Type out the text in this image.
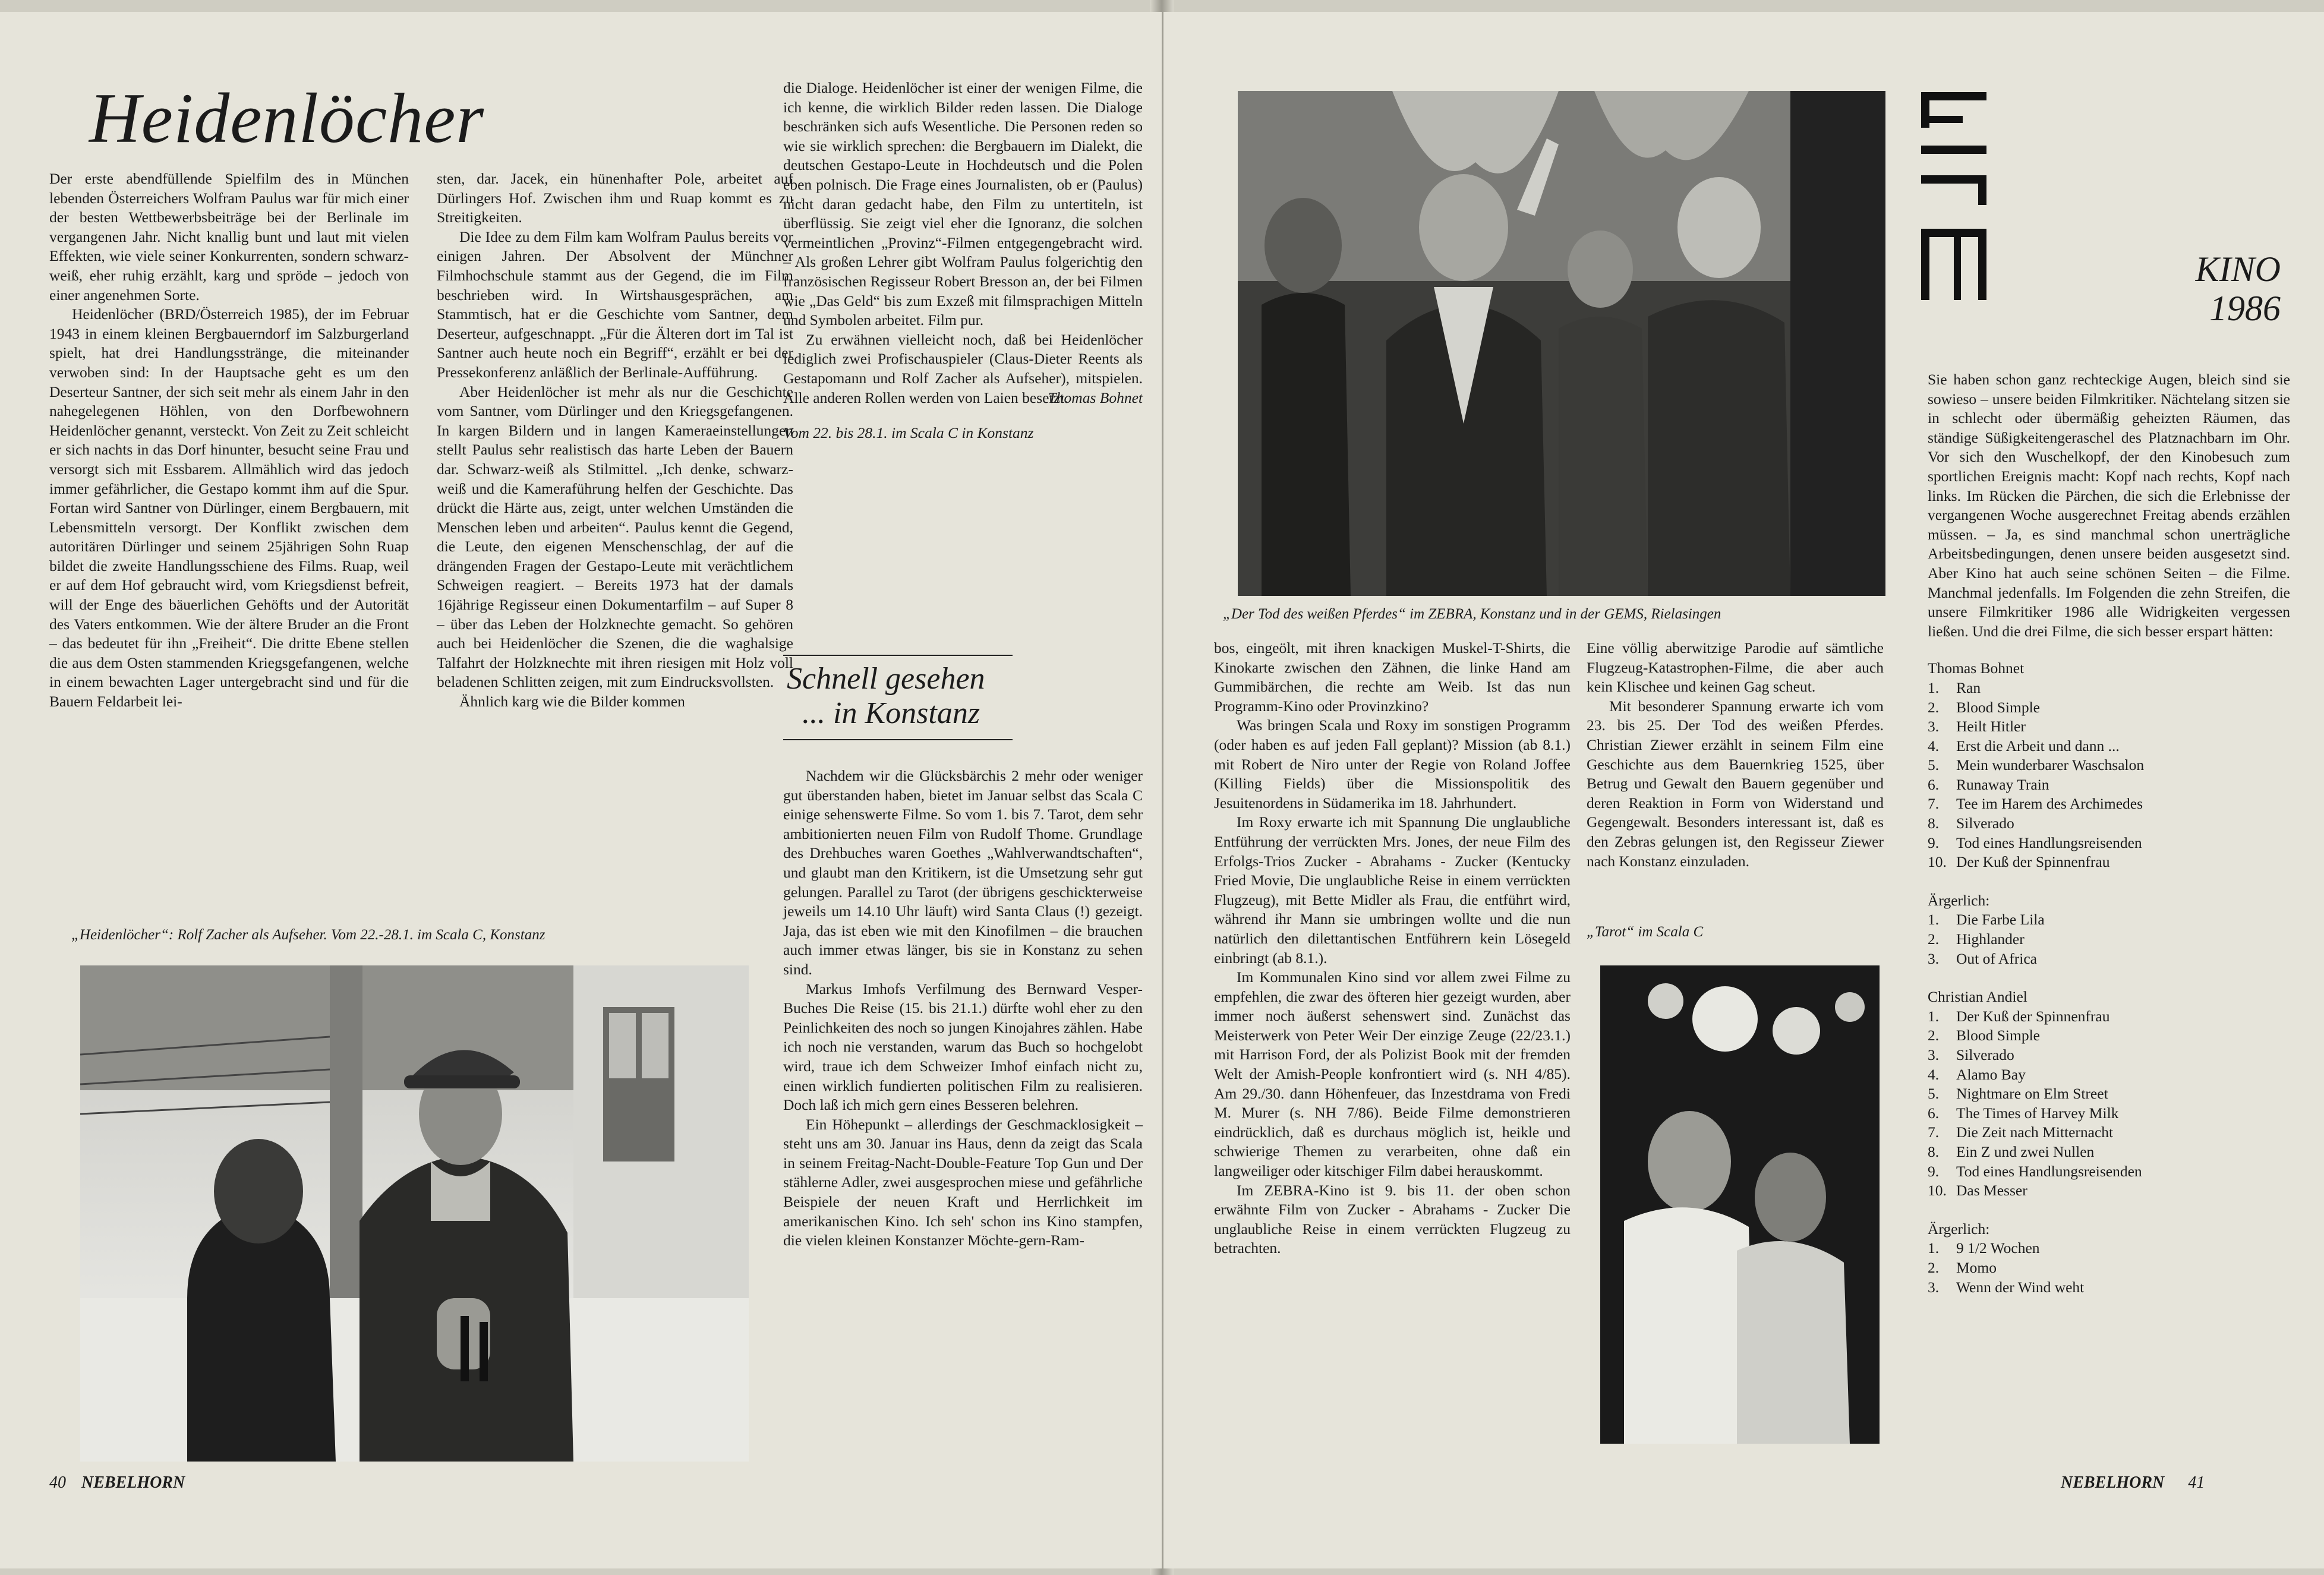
Heidenlöcher

Der erste abendfüllende Spielfilm des in München lebenden Österreichers Wolfram Paulus war für mich einer der besten Wettbewerbsbeiträge bei der Berlinale im vergangenen Jahr. Nicht knallig bunt und laut mit vielen Effekten, wie viele seiner Konkurrenten, sondern schwarz-weiß, eher ruhig erzählt, karg und spröde – jedoch von einer angenehmen Sorte.

Heidenlöcher (BRD/Österreich 1985), der im Februar 1943 in einem kleinen Bergbauerndorf im Salzburgerland spielt, hat drei Handlungsstränge, die miteinander verwoben sind: In der Hauptsache geht es um den Deserteur Santner, der sich seit mehr als einem Jahr in den nahegelegenen Höhlen, von den Dorfbewohnern Heidenlöcher genannt, versteckt. Von Zeit zu Zeit schleicht er sich nachts in das Dorf hinunter, besucht seine Frau und versorgt sich mit Essbarem. Allmählich wird das jedoch immer gefährlicher, die Gestapo kommt ihm auf die Spur. Fortan wird Santner von Dürlinger, einem Bergbauern, mit Lebensmitteln versorgt. Der Konflikt zwischen dem autoritären Dürlinger und seinem 25jährigen Sohn Ruap bildet die zweite Handlungsschiene des Films. Ruap, weil er auf dem Hof gebraucht wird, vom Kriegsdienst befreit, will der Enge des bäuerlichen Gehöfts und der Autorität des Vaters entkommen. Wie der ältere Bruder an die Front – das bedeutet für ihn „Freiheit“. Die dritte Ebene stellen die aus dem Osten stammenden Kriegsgefangenen, welche in einem bewachten Lager untergebracht sind und für die Bauern Feldarbeit lei-

sten, dar. Jacek, ein hünenhafter Pole, arbeitet auf Dürlingers Hof. Zwischen ihm und Ruap kommt es zu Streitigkeiten.

Die Idee zu dem Film kam Wolfram Paulus bereits vor einigen Jahren. Der Absolvent der Münchner Filmhochschule stammt aus der Gegend, die im Film beschrieben wird. In Wirtshausgesprächen, am Stammtisch, hat er die Geschichte vom Santner, dem Deserteur, aufgeschnappt. „Für die Älteren dort im Tal ist Santner auch heute noch ein Begriff“, erzählt er bei der Pressekonferenz anläßlich der Berlinale-Aufführung.

Aber Heidenlöcher ist mehr als nur die Geschichte vom Santner, vom Dürlinger und den Kriegsgefangenen. In kargen Bildern und in langen Kameraeinstellungen stellt Paulus sehr realistisch das harte Leben der Bauern dar. Schwarz-weiß als Stilmittel. „Ich denke, schwarz-weiß und die Kameraführung helfen der Geschichte. Das drückt die Härte aus, zeigt, unter welchen Umständen die Menschen leben und arbeiten“. Paulus kennt die Gegend, die Leute, den eigenen Menschenschlag, der auf die drängenden Fragen der Gestapo-Leute mit verächtlichem Schweigen reagiert. – Bereits 1973 hat der damals 16jährige Regisseur einen Dokumentarfilm – auf Super 8 – über das Leben der Holzknechte gemacht. So gehören auch bei Heidenlöcher die Szenen, die die waghalsige Talfahrt der Holzknechte mit ihren riesigen mit Holz voll beladenen Schlitten zeigen, mit zum Eindrucksvollsten.

Ähnlich karg wie die Bilder kommen

die Dialoge. Heidenlöcher ist einer der wenigen Filme, die ich kenne, die wirklich Bilder reden lassen. Die Dialoge beschränken sich aufs Wesentliche. Die Personen reden so wie sie wirklich sprechen: die Bergbauern im Dialekt, die deutschen Gestapo-Leute in Hochdeutsch und die Polen eben polnisch. Die Frage eines Journalisten, ob er (Paulus) nicht daran gedacht habe, den Film zu untertiteln, ist überflüssig. Sie zeigt viel eher die Ignoranz, die solchen vermeintlichen „Provinz“-Filmen entgegengebracht wird. – Als großen Lehrer gibt Wolfram Paulus folgerichtig den französischen Regisseur Robert Bresson an, der bei Filmen wie „Das Geld“ bis zum Exzeß mit filmsprachigen Mitteln und Symbolen arbeitet. Film pur.

Zu erwähnen vielleicht noch, daß bei Heidenlöcher lediglich zwei Profischauspieler (Claus-Dieter Reents als Gestapomann und Rolf Zacher als Aufseher), mitspielen. Alle anderen Rollen werden von Laien besetzt.

Thomas Bohnet
Vom 22. bis 28.1. im Scala C in Konstanz
Schnell gesehen
... in Konstanz

Nachdem wir die Glücksbärchis 2 mehr oder weniger gut überstanden haben, bietet im Januar selbst das Scala C einige sehenswerte Filme. So vom 1. bis 7. Tarot, dem sehr ambitionierten neuen Film von Rudolf Thome. Grundlage des Drehbuches waren Goethes „Wahlverwandtschaften“, und glaubt man den Kritikern, ist die Umsetzung sehr gut gelungen. Parallel zu Tarot (der übrigens geschickterweise jeweils um 14.10 Uhr läuft) wird Santa Claus (!) gezeigt. Jaja, das ist eben wie mit den Kinofilmen – die brauchen auch immer etwas länger, bis sie in Konstanz zu sehen sind.

Markus Imhofs Verfilmung des Bernward Vesper-Buches Die Reise (15. bis 21.1.) dürfte wohl eher zu den Peinlichkeiten des noch so jungen Kinojahres zählen. Habe ich noch nie verstanden, warum das Buch so hochgelobt wird, traue ich dem Schweizer Imhof einfach nicht zu, einen wirklich fundierten politischen Film zu realisieren. Doch laß ich mich gern eines Besseren belehren.

Ein Höhepunkt – allerdings der Geschmacklosigkeit – steht uns am 30. Januar ins Haus, denn da zeigt das Scala in seinem Freitag-Nacht-Double-Feature Top Gun und Der stählerne Adler, zwei ausgesprochen miese und gefährliche Beispiele der neuen Kraft und Herrlichkeit im amerikanischen Kino. Ich seh' schon ins Kino stampfen, die vielen kleinen Konstanzer Möchte-gern-Ram-

„Heidenlöcher“: Rolf Zacher als Aufseher. Vom 22.-28.1. im Scala C, Konstanz
40 NEBELHORN
KINO
1986

Sie haben schon ganz rechteckige Augen, bleich sind sie sowieso – unsere beiden Filmkritiker. Nächtelang sitzen sie in schlecht oder übermäßig geheizten Räumen, das ständige Süßigkeitengeraschel des Platznachbarn im Ohr. Vor sich den Wuschelkopf, der den Kinobesuch zum sportlichen Ereignis macht: Kopf nach rechts, Kopf nach links. Im Rücken die Pärchen, die sich die Erlebnisse der vergangenen Woche ausgerechnet Freitag abends erzählen müssen. – Ja, es sind manchmal schon unerträgliche Arbeitsbedingungen, denen unsere beiden ausgesetzt sind. Aber Kino hat auch seine schönen Seiten – die Filme. Manchmal jedenfalls. Im Folgenden die zehn Streifen, die unsere Filmkritiker 1986 alle Widrigkeiten vergessen ließen. Und die drei Filme, die sich besser erspart hätten:

Thomas Bohnet
1.	Ran
2.	Blood Simple
3.	Heilt Hitler
4.	Erst die Arbeit und dann ...
5.	Mein wunderbarer Waschsalon
6.	Runaway Train
7.	Tee im Harem des Archimedes
8.	Silverado
9.	Tod eines Handlungsreisenden
10. Der Kuß der Spinnenfrau
Ärgerlich:
1.	Die Farbe Lila
2.	Highlander
3.	Out of Africa
Christian Andiel
1.	Der Kuß der Spinnenfrau
2.	Blood Simple
3.	Silverado
4.	Alamo Bay
5.	Nightmare on Elm Street
6.	The Times of Harvey Milk
7.	Die Zeit nach Mitternacht
8.	Ein Z und zwei Nullen
9.	Tod eines Handlungsreisenden
10. Das Messer
Ärgerlich:
1.	9 1/2 Wochen
2.	Momo
3.	Wenn der Wind weht
„Der Tod des weißen Pferdes“ im ZEBRA, Konstanz und in der GEMS, Rielasingen

bos, eingeölt, mit ihren knackigen Muskel-T-Shirts, die Kinokarte zwischen den Zähnen, die linke Hand am Gummibärchen, die rechte am Weib. Ist das nun Programm-Kino oder Provinzkino?

Was bringen Scala und Roxy im sonstigen Programm (oder haben es auf jeden Fall geplant)? Mission (ab 8.1.) mit Robert de Niro unter der Regie von Roland Joffee (Killing Fields) über die Missionspolitik des Jesuitenordens in Südamerika im 18. Jahrhundert.

Im Roxy erwarte ich mit Spannung Die unglaubliche Entführung der verrückten Mrs. Jones, der neue Film des Erfolgs-Trios Zucker - Abrahams - Zucker (Kentucky Fried Movie, Die unglaubliche Reise in einem verrückten Flugzeug), mit Bette Midler als Frau, die entführt wird, während ihr Mann sie umbringen wollte und die nun natürlich den dilettantischen Entführern kein Lösegeld einbringt (ab 8.1.).

Im Kommunalen Kino sind vor allem zwei Filme zu empfehlen, die zwar des öfteren hier gezeigt wurden, aber immer noch äußerst sehenswert sind. Zunächst das Meisterwerk von Peter Weir Der einzige Zeuge (22/23.1.) mit Harrison Ford, der als Polizist Book mit der fremden Welt der Amish-People konfrontiert wird (s. NH 4/85). Am 29./30. dann Höhenfeuer, das Inzestdrama von Fredi M. Murer (s. NH 7/86). Beide Filme demonstrieren eindrücklich, daß es durchaus möglich ist, heikle und schwierige Themen zu verarbeiten, ohne daß ein langweiliger oder kitschiger Film dabei herauskommt.

Im ZEBRA-Kino ist 9. bis 11. der oben schon erwähnte Film von Zucker - Abrahams - Zucker Die unglaubliche Reise in einem verrückten Flugzeug zu betrachten.

Eine völlig aberwitzige Parodie auf sämtliche Flugzeug-Katastrophen-Filme, die aber auch kein Klischee und keinen Gag scheut.

Mit besonderer Spannung erwarte ich vom 23. bis 25. Der Tod des weißen Pferdes. Christian Ziewer erzählt in seinem Film eine Geschichte aus dem Bauernkrieg 1525, über Betrug und Gewalt den Bauern gegenüber und deren Reaktion in Form von Widerstand und Gegengewalt. Besonders interessant ist, daß es den Zebras gelungen ist, den Regisseur Ziewer nach Konstanz einzuladen.

„Tarot“ im Scala C
NEBELHORN 41
